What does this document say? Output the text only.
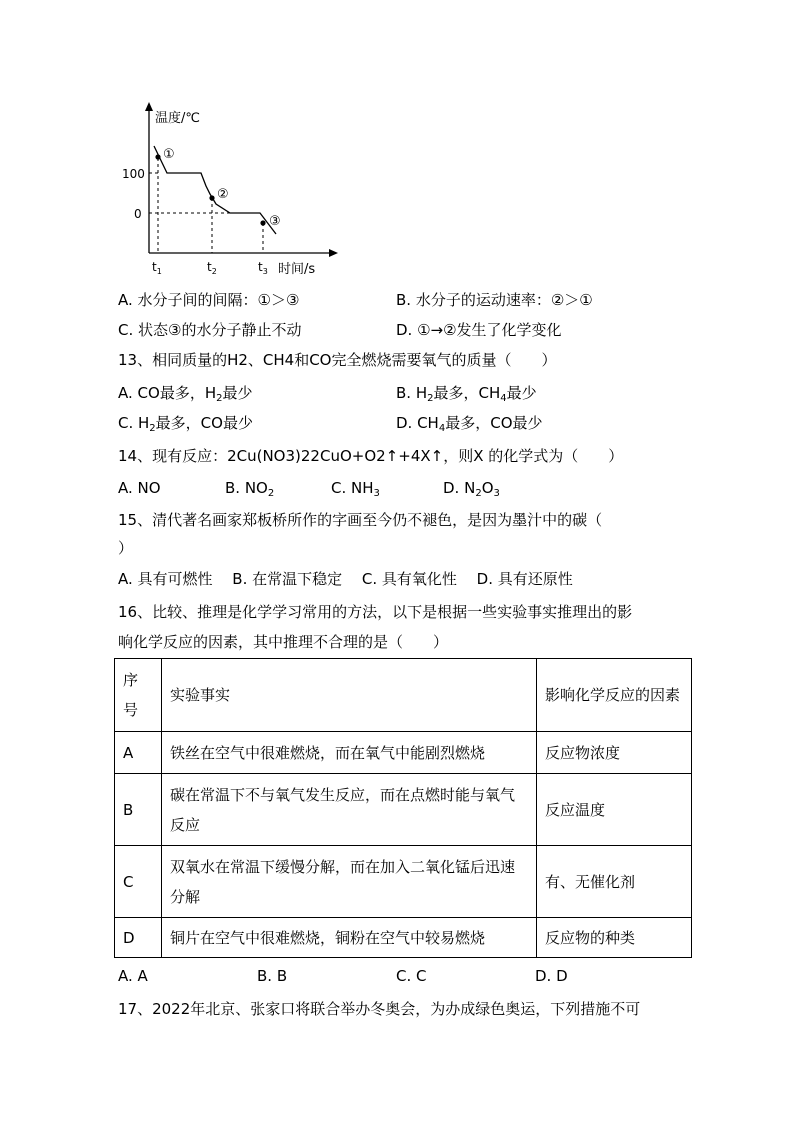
温度/℃
时间/s
100
0
$t_1$	$t_2$	$t_3$
①
②
③
A. 水分子间的间隔：①＞③	B. 水分子的运动速率：②＞①
C. 状态③的水分子静止不动	D. ①→②发生了化学变化
13、相同质量的H2、CH4和CO完全燃烧需要氧气的质量（　　）
A. CO最多，$H_2$最少	B. $H_2$最多，$CH_4$最少
C. $H_2$最多，CO最少	D. $CH_4$最多，CO最少
14、现有反应：2Cu(NO3)22CuO+O2↑+4X↑，则X 的化学式为（　　）
A. NO	B. $NO_2$	C. $NH_3$	D. $N_2O_3$
15、清代著名画家郑板桥所作的字画至今仍不褪色，是因为墨汁中的碳（
）
A. 具有可燃性　 B. 在常温下稳定　 C. 具有氧化性　 D. 具有还原性
16、比较、推理是化学学习常用的方法，以下是根据一些实验事实推理出的影
响化学反应的因素，其中推理不合理的是（　　）
序号	实验事实	影响化学反应的因素
A	铁丝在空气中很难燃烧，而在氧气中能剧烈燃烧	反应物浓度
B	碳在常温下不与氧气发生反应，而在点燃时能与氧气反应	反应温度
C	双氧水在常温下缓慢分解，而在加入二氧化锰后迅速分解	有、无催化剂
D	铜片在空气中很难燃烧，铜粉在空气中较易燃烧	反应物的种类
A. A	B. B	C. C	D. D
17、2022年北京、张家口将联合举办冬奥会，为办成绿色奥运，下列措施不可
